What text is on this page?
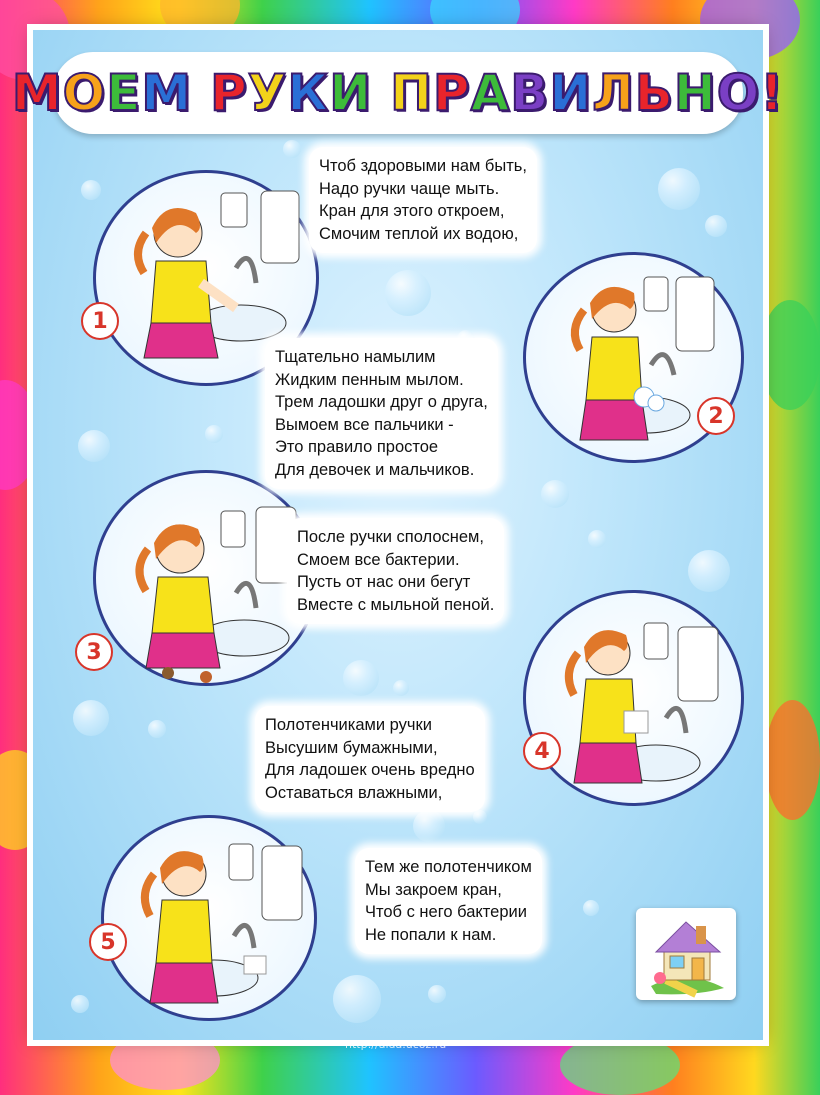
М О Е М
Р У К И
П Р А В И Л Ь Н О !
1
2
3
4
5
Чтоб здоровыми нам быть,
Надо ручки чаще мыть.
Кран для этого откроем,
Смочим теплой их водою,
Тщательно намылим
Жидким пенным мылом.
Трем ладошки друг о друга,
Вымоем все пальчики -
Это правило простое
Для девочек и мальчиков.
После ручки сполоснем,
Смоем все бактерии.
Пусть от нас они бегут
Вместе с мыльной пеной.
Полотенчиками ручки
Высушим бумажными,
Для ладошек очень вредно
Оставаться влажными,
Тем же полотенчиком
Мы закроем кран,
Чтоб с него бактерии
Не попали к нам.
http://aida.ucoz.ru
